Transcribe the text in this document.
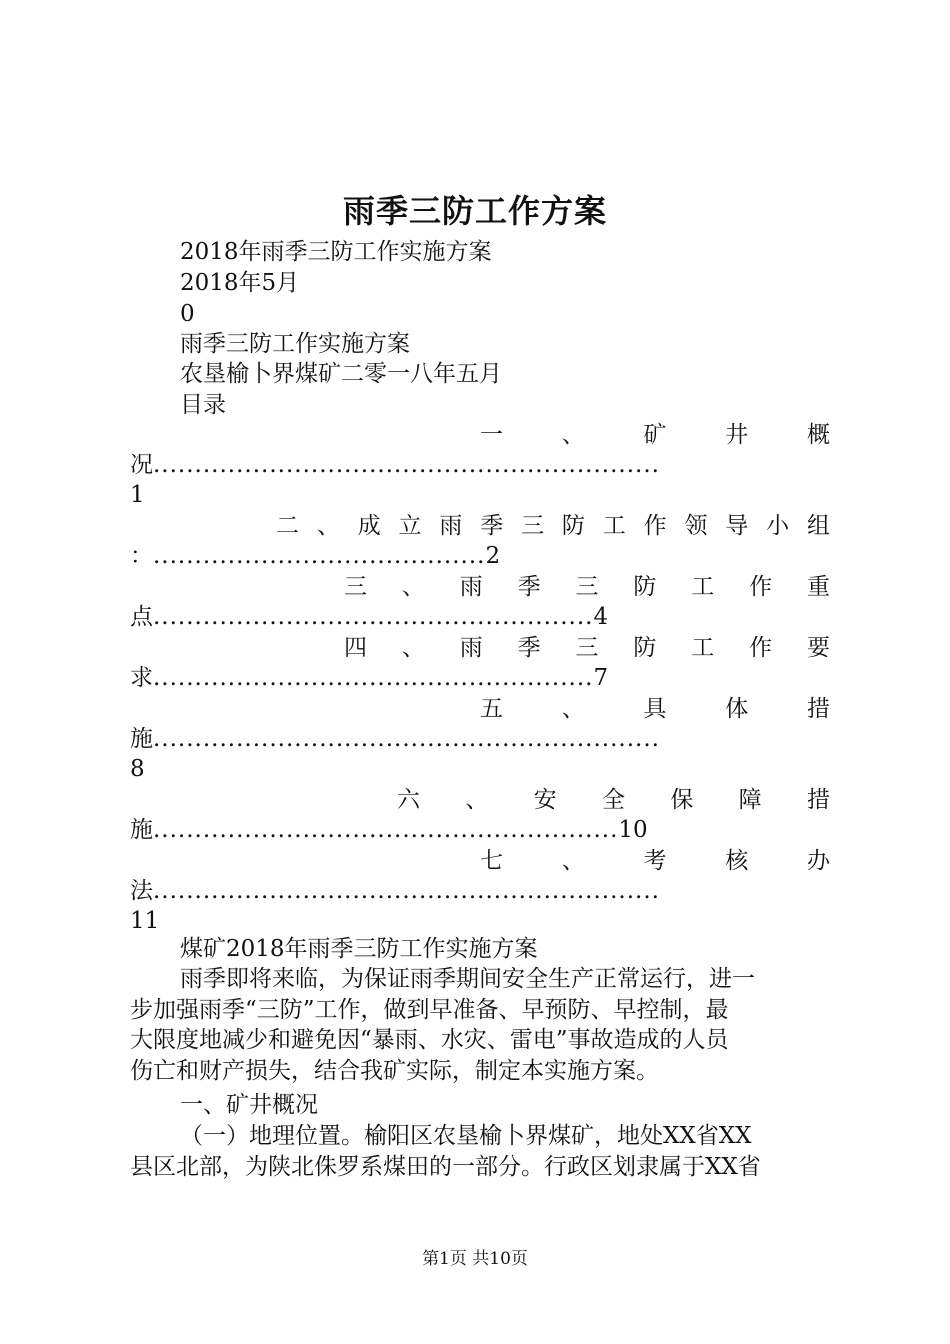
雨季三防工作方案
2018年雨季三防工作实施方案
2018年5月
0
雨季三防工作实施方案
农垦榆卜界煤矿二零一八年五月
目录
一	、	矿	井	概
况.............................................................
1
二 、 成 立 雨 季 三 防 工 作 领 导 小 组
：........................................2
三 、 雨 季 三 防 工 作 重
点.....................................................4
四 、 雨 季 三 防 工 作 要
求.....................................................7
五	、	具	体	措
施.............................................................
8
六 、 安 全 保 障 措
施........................................................10
七	、	考	核	办
法.............................................................
11
煤矿2018年雨季三防工作实施方案
雨季即将来临，为保证雨季期间安全生产正常运行，进一
步加强雨季“三防”工作，做到早准备、早预防、早控制，最
大限度地减少和避免因“暴雨、水灾、雷电”事故造成的人员
伤亡和财产损失，结合我矿实际，制定本实施方案。
一、矿井概况
（一）地理位置。榆阳区农垦榆卜界煤矿，地处XX省XX
县区北部，为陕北侏罗系煤田的一部分。行政区划隶属于XX省
第1页 共10页
